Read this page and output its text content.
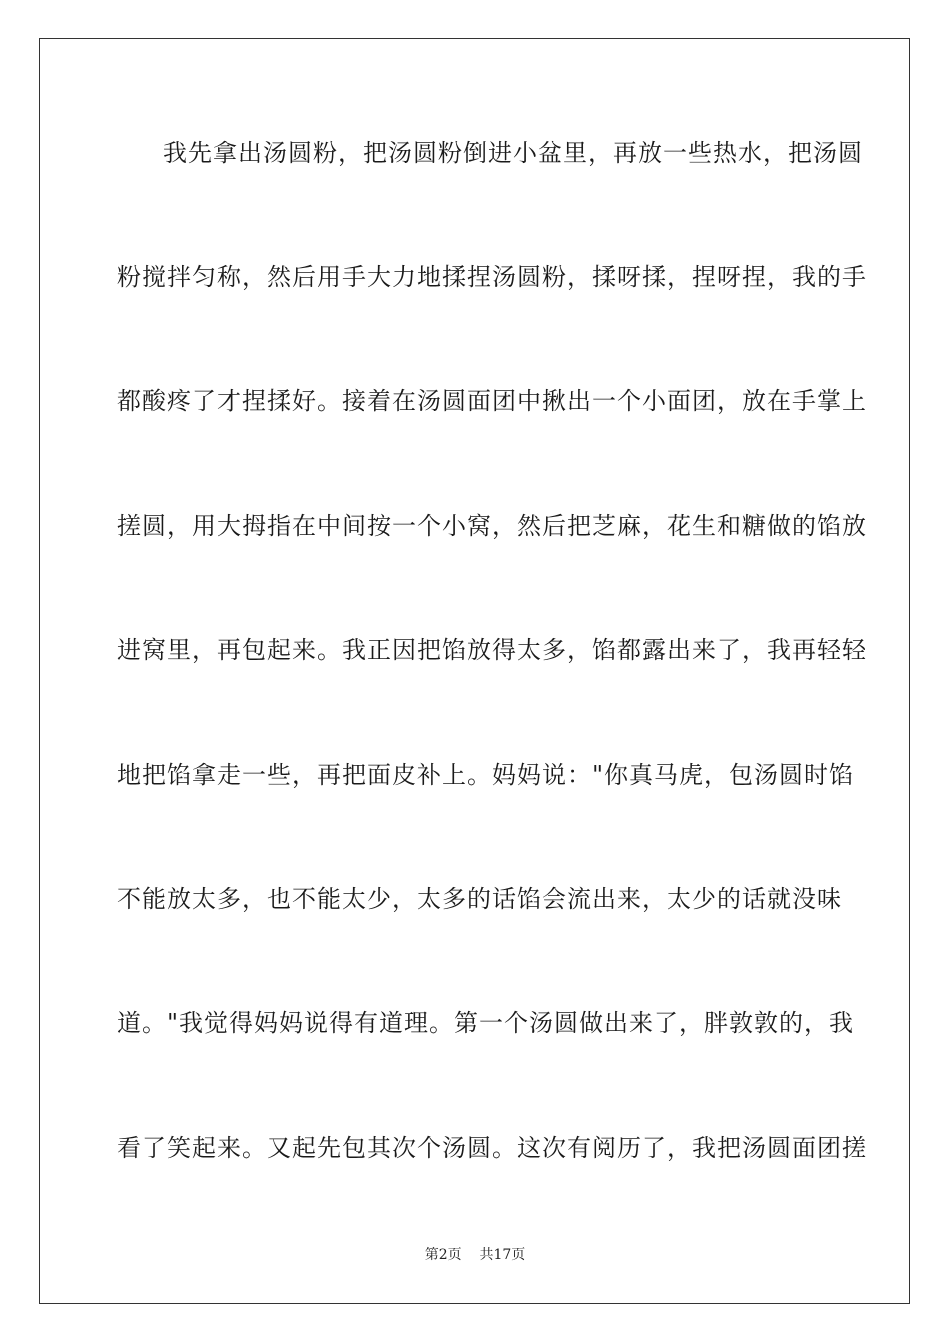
我先拿出汤圆粉，把汤圆粉倒进小盆里，再放一些热水，把汤圆
粉搅拌匀称，然后用手大力地揉捏汤圆粉，揉呀揉，捏呀捏，我的手
都酸疼了才捏揉好。接着在汤圆面团中揪出一个小面团，放在手掌上
搓圆，用大拇指在中间按一个小窝，然后把芝麻，花生和糖做的馅放
进窝里，再包起来。我正因把馅放得太多，馅都露出来了，我再轻轻
地把馅拿走一些，再把面皮补上。妈妈说："你真马虎，包汤圆时馅
不能放太多，也不能太少，太多的话馅会流出来，太少的话就没味
道。"我觉得妈妈说得有道理。第一个汤圆做出来了，胖敦敦的，我
看了笑起来。又起先包其次个汤圆。这次有阅历了，我把汤圆面团搓
第2页 共17页
